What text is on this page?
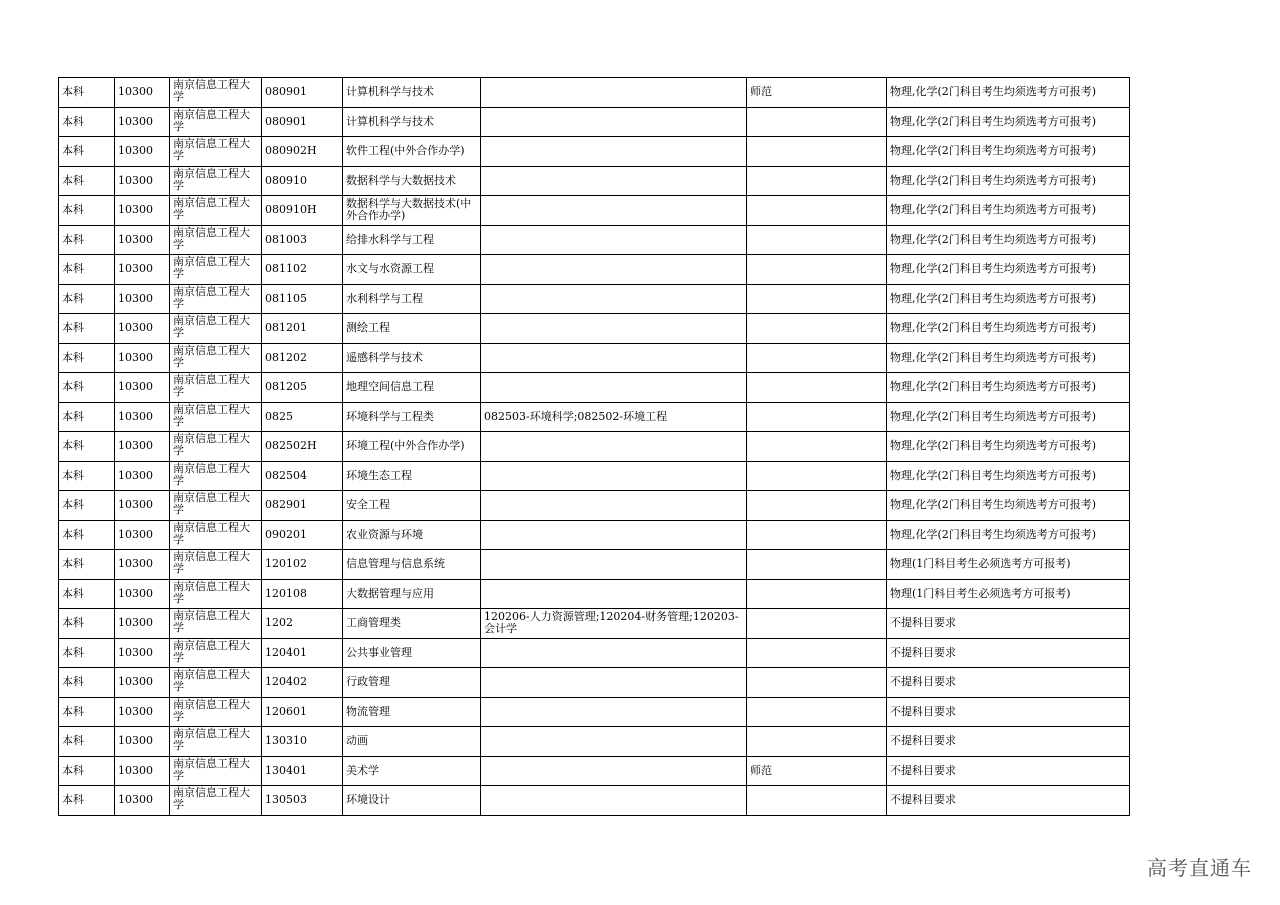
本科	10300	南京信息工程大学	080901	计算机科学与技术		师范	物理,化学(2门科目考生均须选考方可报考)
本科	10300	南京信息工程大学	080901	计算机科学与技术			物理,化学(2门科目考生均须选考方可报考)
本科	10300	南京信息工程大学	080902H	软件工程(中外合作办学)			物理,化学(2门科目考生均须选考方可报考)
本科	10300	南京信息工程大学	080910	数据科学与大数据技术			物理,化学(2门科目考生均须选考方可报考)
本科	10300	南京信息工程大学	080910H	数据科学与大数据技术(中外合作办学)			物理,化学(2门科目考生均须选考方可报考)
本科	10300	南京信息工程大学	081003	给排水科学与工程			物理,化学(2门科目考生均须选考方可报考)
本科	10300	南京信息工程大学	081102	水文与水资源工程			物理,化学(2门科目考生均须选考方可报考)
本科	10300	南京信息工程大学	081105	水利科学与工程			物理,化学(2门科目考生均须选考方可报考)
本科	10300	南京信息工程大学	081201	测绘工程			物理,化学(2门科目考生均须选考方可报考)
本科	10300	南京信息工程大学	081202	遥感科学与技术			物理,化学(2门科目考生均须选考方可报考)
本科	10300	南京信息工程大学	081205	地理空间信息工程			物理,化学(2门科目考生均须选考方可报考)
本科	10300	南京信息工程大学	0825	环境科学与工程类	082503-环境科学;082502-环境工程		物理,化学(2门科目考生均须选考方可报考)
本科	10300	南京信息工程大学	082502H	环境工程(中外合作办学)			物理,化学(2门科目考生均须选考方可报考)
本科	10300	南京信息工程大学	082504	环境生态工程			物理,化学(2门科目考生均须选考方可报考)
本科	10300	南京信息工程大学	082901	安全工程			物理,化学(2门科目考生均须选考方可报考)
本科	10300	南京信息工程大学	090201	农业资源与环境			物理,化学(2门科目考生均须选考方可报考)
本科	10300	南京信息工程大学	120102	信息管理与信息系统			物理(1门科目考生必须选考方可报考)
本科	10300	南京信息工程大学	120108	大数据管理与应用			物理(1门科目考生必须选考方可报考)
本科	10300	南京信息工程大学	1202	工商管理类	120206-人力资源管理;120204-财务管理;120203-会计学		不提科目要求
本科	10300	南京信息工程大学	120401	公共事业管理			不提科目要求
本科	10300	南京信息工程大学	120402	行政管理			不提科目要求
本科	10300	南京信息工程大学	120601	物流管理			不提科目要求
本科	10300	南京信息工程大学	130310	动画			不提科目要求
本科	10300	南京信息工程大学	130401	美术学		师范	不提科目要求
本科	10300	南京信息工程大学	130503	环境设计			不提科目要求
高考直通车
